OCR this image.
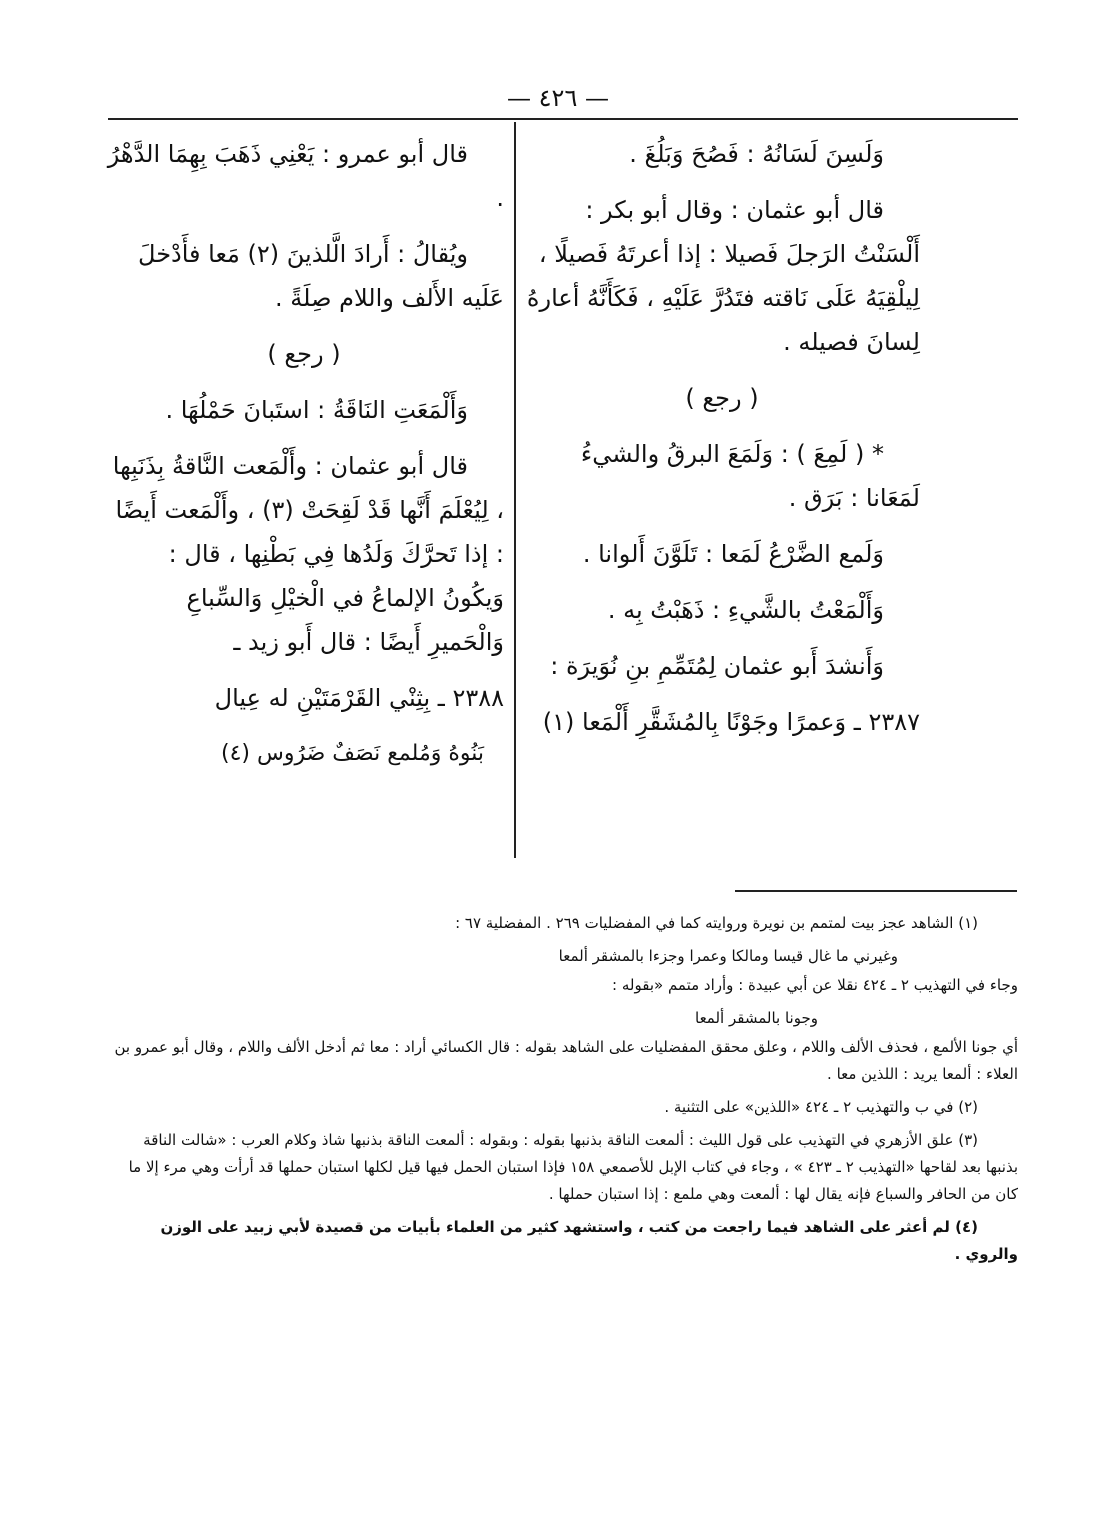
— ٤٢٦ —

وَلَسِنَ لَسَانُهُ : فَصُحَ وَبَلُغَ .

قال أبو عثمان : وقال أبو بكر : أَلْسَنْتُ الرَجلَ فَصيلا : إذا أعرتَهُ فَصيلًا ، لِيلْقِيَهُ عَلَى نَاقته فتَدُرَّ عَلَيْهِ ، فَكَأَنَّهُ أعارهُ لِسانَ فصيله .

( رجع )

* ( لَمِعَ ) : وَلَمَعَ البرقُ والشيءُ لَمَعَانا : بَرَق .

وَلَمع الضَّرْعُ لَمَعا : تَلَوَّنَ أَلوانا .

وَأَلْمَعْتُ بالشَّيءِ : ذَهَبْتُ بِه .

وَأَنشدَ أَبو عثمان لِمُتَمِّمِ بنِ نُوَيرَة :

٢٣٨٧ ـ وَعمرًا وجَوْنًا بِالمُشَقَّرِ أَلْمَعا (١)

قال أبو عمرو : يَعْنِي ذَهَبَ بِهِمَا الدَّهْرُ .

ويُقالُ : أَرادَ الَّلذينَ (٢) مَعا فأَدْخلَ عَلَيه الأَلف واللام صِلَةً .

( رجع )

وَأَلْمَعَتِ النَاقَةُ : استَبانَ حَمْلُهَا .

قال أبو عثمان : وأَلْمَعت النَّاقةُ بِذَنَبِها ، لِيُعْلَمَ أَنَّها قَدْ لَقِحَتْ (٣) ، وأَلْمَعت أَيضًا : إذا تَحرَّكَ وَلَدُها فِي بَطْنِها ، قال : وَيكُونُ الإلماعُ في الْخيْلِ وَالسِّباعِ وَالْحَميرِ أَيضًا : قال أَبو زيد ـ

٢٣٨٨ ـ بِثِنْي القَرْمَتَيْنِ له عِيال

بَنُوهُ وَمُلمع نَصَفٌ ضَرُوس (٤)

(١) الشاهد عجز بيت لمتمم بن نويرة وروايته كما في المفضليات ٢٦٩ . المفضلية ٦٧ :

وغيرني ما غال قيسا ومالكا وعمرا وجزءا بالمشقر ألمعا

وجاء في التهذيب ٢ ـ ٤٢٤ نقلا عن أبي عبيدة : وأراد متمم «بقوله :

وجونا بالمشقر ألمعا

أي جونا الألمع ، فحذف الألف واللام ، وعلق محقق المفضليات على الشاهد بقوله : قال الكسائي أراد : معا ثم أدخل الألف واللام ، وقال أبو عمرو بن العلاء : ألمعا يريد : اللذين معا .

(٢) في ب والتهذيب ٢ ـ ٤٢٤ «اللذين» على التثنية .

(٣) علق الأزهري في التهذيب على قول الليث : ألمعت الناقة بذنبها بقوله : وبقوله : ألمعت الناقة بذنبها شاذ وكلام العرب : «شالت الناقة بذنبها بعد لقاحها «التهذيب ٢ ـ ٤٢٣ » ، وجاء في كتاب الإبل للأصمعي ١٥٨ فإذا استبان الحمل فيها قيل لكلها استبان حملها قد أرأت وهي مرء إلا ما كان من الحافر والسباع فإنه يقال لها : ألمعت وهي ملمع : إذا استبان حملها .

(٤) لم أعثر على الشاهد فيما راجعت من كتب ، واستشهد كثير من العلماء بأبيات من قصيدة لأبي زبيد على الوزن والروي .
